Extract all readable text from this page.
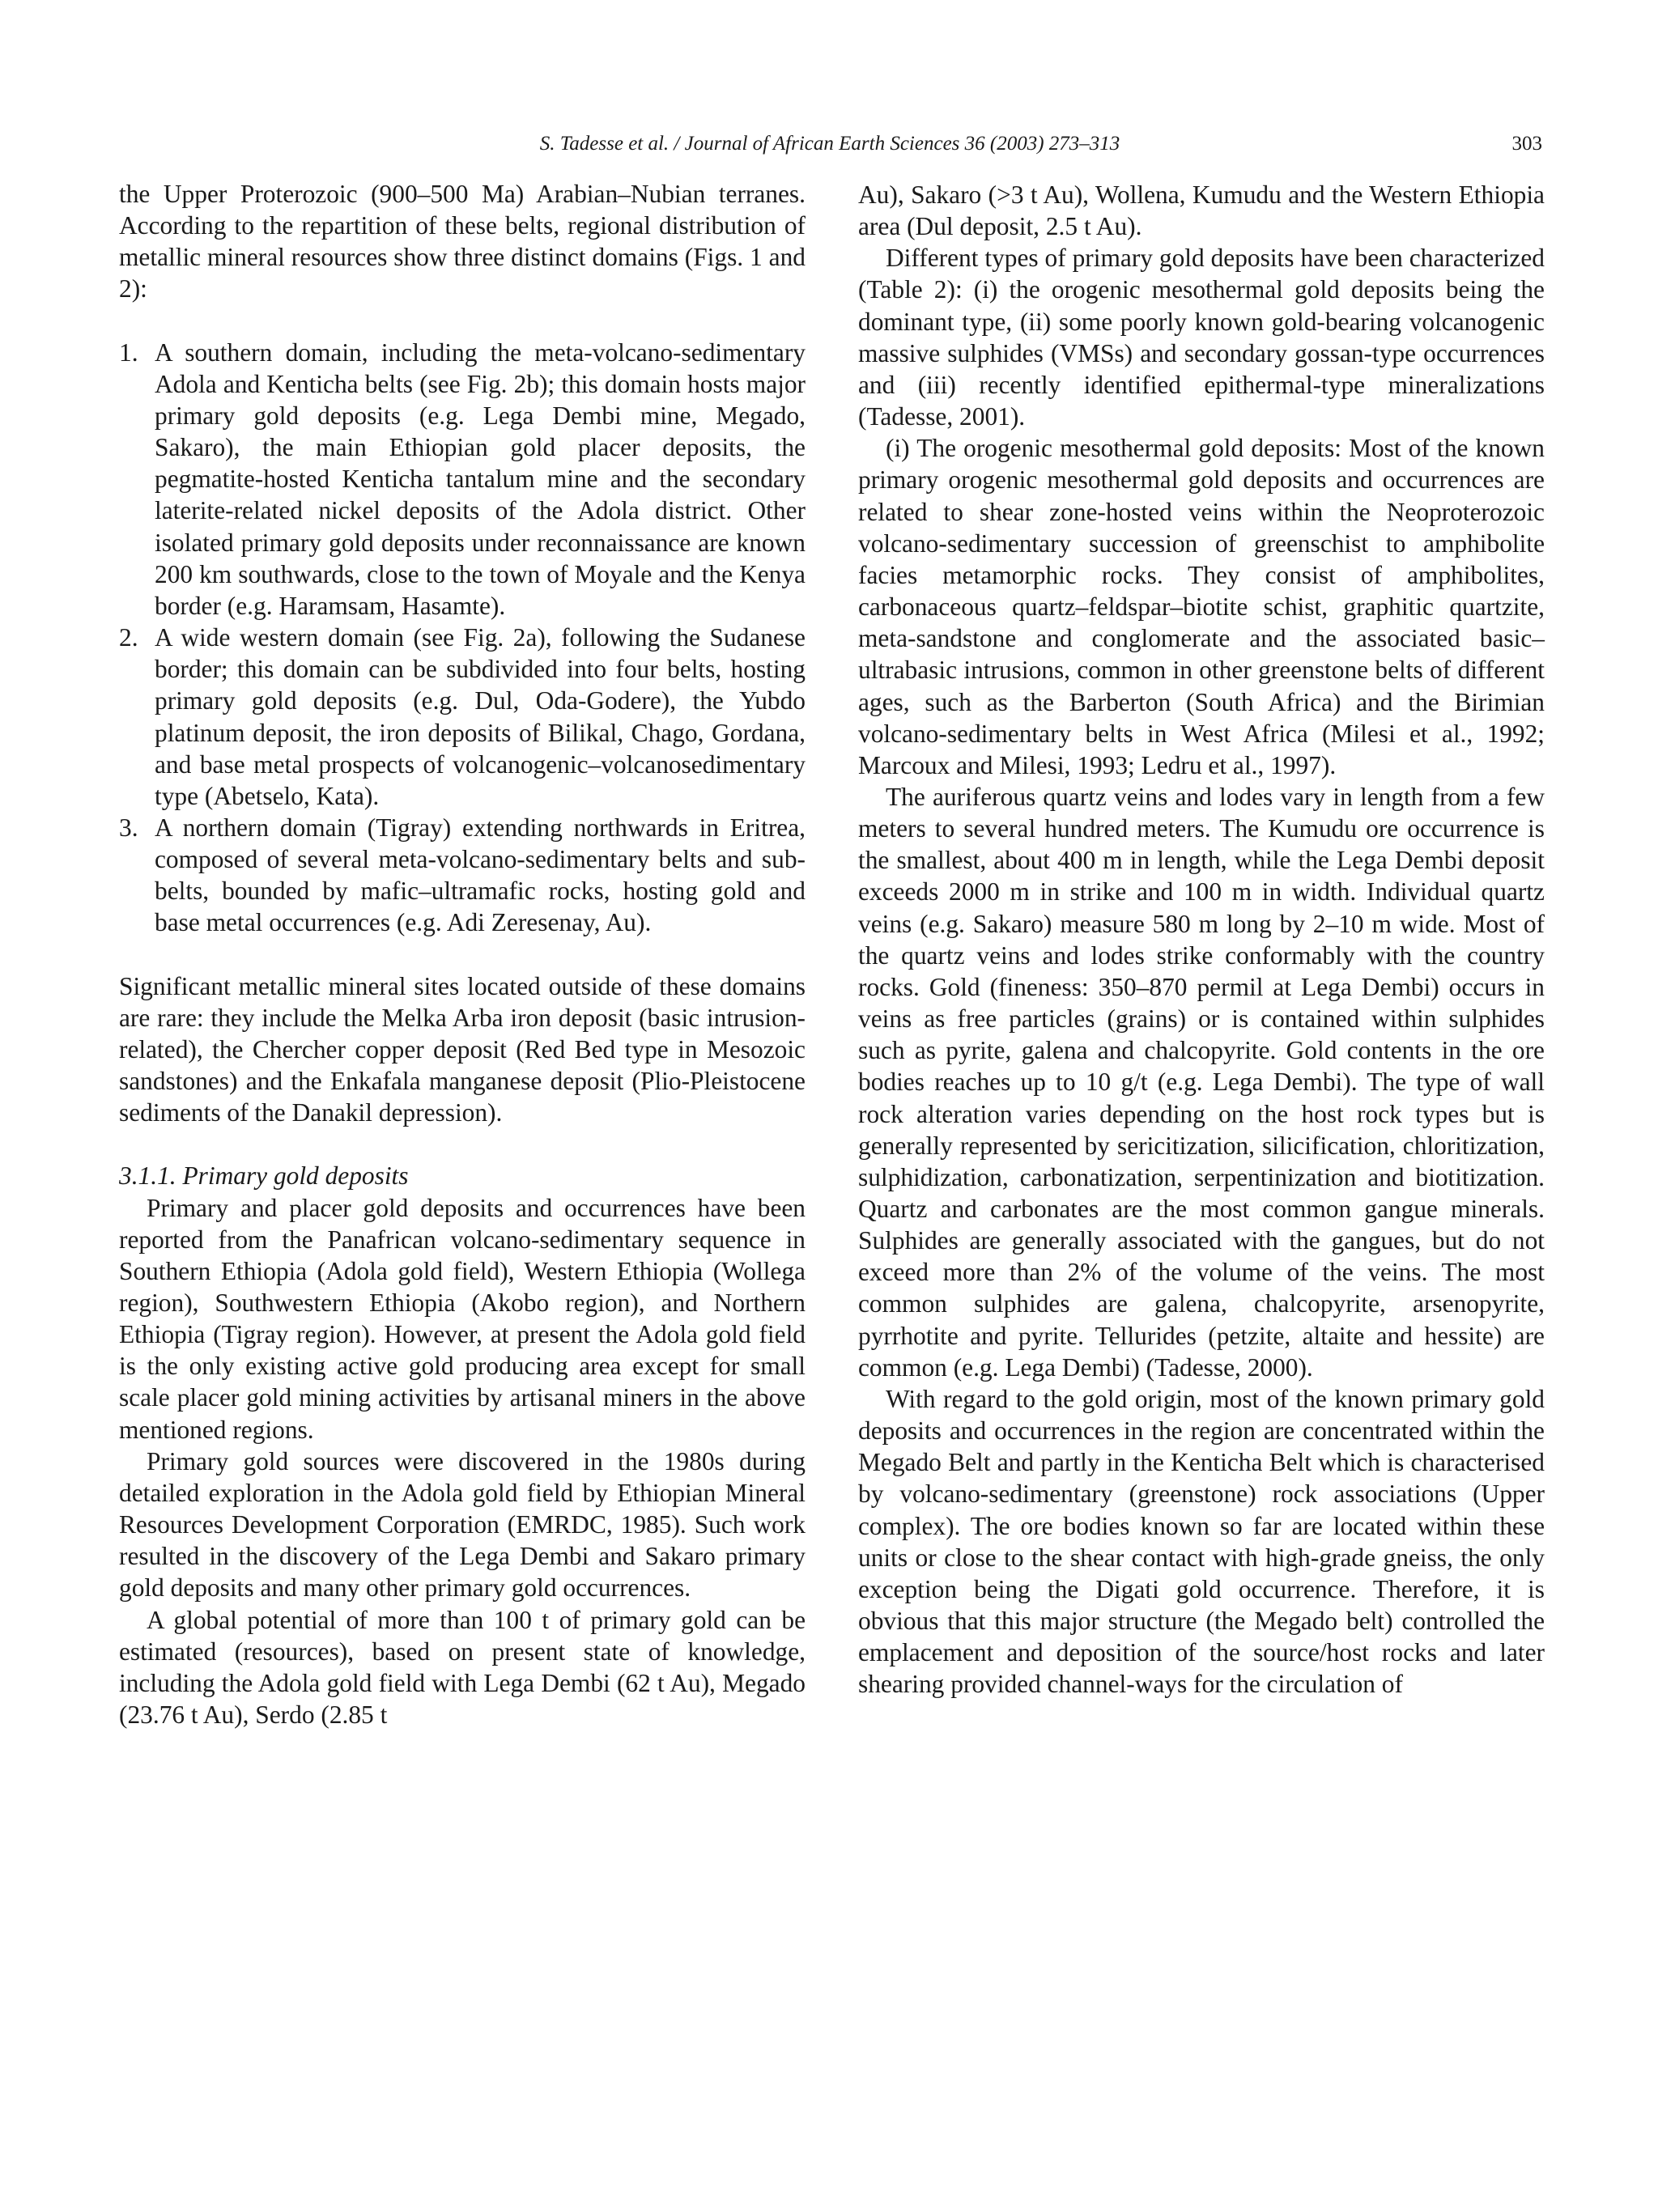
S. Tadesse et al. / Journal of African Earth Sciences 36 (2003) 273–313	303

the Upper Proterozoic (900–500 Ma) Arabian–Nubian terranes. According to the repartition of these belts, regional distribution of metallic mineral resources show three distinct domains (Figs. 1 and 2):

1. A southern domain, including the meta-volcano-sedimentary Adola and Kenticha belts (see Fig. 2b); this domain hosts major primary gold deposits (e.g. Lega Dembi mine, Megado, Sakaro), the main Ethiopian gold placer deposits, the pegmatite-hosted Kenticha tantalum mine and the secondary laterite-related nickel deposits of the Adola district. Other isolated primary gold deposits under reconnaissance are known 200 km southwards, close to the town of Moyale and the Kenya border (e.g. Haramsam, Hasamte).
2. A wide western domain (see Fig. 2a), following the Sudanese border; this domain can be subdivided into four belts, hosting primary gold deposits (e.g. Dul, Oda-Godere), the Yubdo platinum deposit, the iron deposits of Bilikal, Chago, Gordana, and base metal prospects of volcanogenic–volcanosedimentary type (Abetselo, Kata).
3. A northern domain (Tigray) extending northwards in Eritrea, composed of several meta-volcano-sedimentary belts and sub-belts, bounded by mafic–ultramafic rocks, hosting gold and base metal occurrences (e.g. Adi Zeresenay, Au).

Significant metallic mineral sites located outside of these domains are rare: they include the Melka Arba iron deposit (basic intrusion-related), the Chercher copper deposit (Red Bed type in Mesozoic sandstones) and the Enkafala manganese deposit (Plio-Pleistocene sediments of the Danakil depression).

3.1.1. Primary gold deposits

Primary and placer gold deposits and occurrences have been reported from the Panafrican volcano-sedimentary sequence in Southern Ethiopia (Adola gold field), Western Ethiopia (Wollega region), Southwestern Ethiopia (Akobo region), and Northern Ethiopia (Tigray region). However, at present the Adola gold field is the only existing active gold producing area except for small scale placer gold mining activities by artisanal miners in the above mentioned regions.

Primary gold sources were discovered in the 1980s during detailed exploration in the Adola gold field by Ethiopian Mineral Resources Development Corporation (EMRDC, 1985). Such work resulted in the discovery of the Lega Dembi and Sakaro primary gold deposits and many other primary gold occurrences.

A global potential of more than 100 t of primary gold can be estimated (resources), based on present state of knowledge, including the Adola gold field with Lega Dembi (62 t Au), Megado (23.76 t Au), Serdo (2.85 t

Au), Sakaro (>3 t Au), Wollena, Kumudu and the Western Ethiopia area (Dul deposit, 2.5 t Au).

Different types of primary gold deposits have been characterized (Table 2): (i) the orogenic mesothermal gold deposits being the dominant type, (ii) some poorly known gold-bearing volcanogenic massive sulphides (VMSs) and secondary gossan-type occurrences and (iii) recently identified epithermal-type mineralizations (Tadesse, 2001).

(i) The orogenic mesothermal gold deposits: Most of the known primary orogenic mesothermal gold deposits and occurrences are related to shear zone-hosted veins within the Neoproterozoic volcano-sedimentary succession of greenschist to amphibolite facies metamorphic rocks. They consist of amphibolites, carbonaceous quartz–feldspar–biotite schist, graphitic quartzite, meta-sandstone and conglomerate and the associated basic–ultrabasic intrusions, common in other greenstone belts of different ages, such as the Barberton (South Africa) and the Birimian volcano-sedimentary belts in West Africa (Milesi et al., 1992; Marcoux and Milesi, 1993; Ledru et al., 1997).

The auriferous quartz veins and lodes vary in length from a few meters to several hundred meters. The Kumudu ore occurrence is the smallest, about 400 m in length, while the Lega Dembi deposit exceeds 2000 m in strike and 100 m in width. Individual quartz veins (e.g. Sakaro) measure 580 m long by 2–10 m wide. Most of the quartz veins and lodes strike conformably with the country rocks. Gold (fineness: 350–870 permil at Lega Dembi) occurs in veins as free particles (grains) or is contained within sulphides such as pyrite, galena and chalcopyrite. Gold contents in the ore bodies reaches up to 10 g/t (e.g. Lega Dembi). The type of wall rock alteration varies depending on the host rock types but is generally represented by sericitization, silicification, chloritization, sulphidization, carbonatization, serpentinization and biotitization. Quartz and carbonates are the most common gangue minerals. Sulphides are generally associated with the gangues, but do not exceed more than 2% of the volume of the veins. The most common sulphides are galena, chalcopyrite, arsenopyrite, pyrrhotite and pyrite. Tellurides (petzite, altaite and hessite) are common (e.g. Lega Dembi) (Tadesse, 2000).

With regard to the gold origin, most of the known primary gold deposits and occurrences in the region are concentrated within the Megado Belt and partly in the Kenticha Belt which is characterised by volcano-sedimentary (greenstone) rock associations (Upper complex). The ore bodies known so far are located within these units or close to the shear contact with high-grade gneiss, the only exception being the Digati gold occurrence. Therefore, it is obvious that this major structure (the Megado belt) controlled the emplacement and deposition of the source/host rocks and later shearing provided channel-ways for the circulation of
